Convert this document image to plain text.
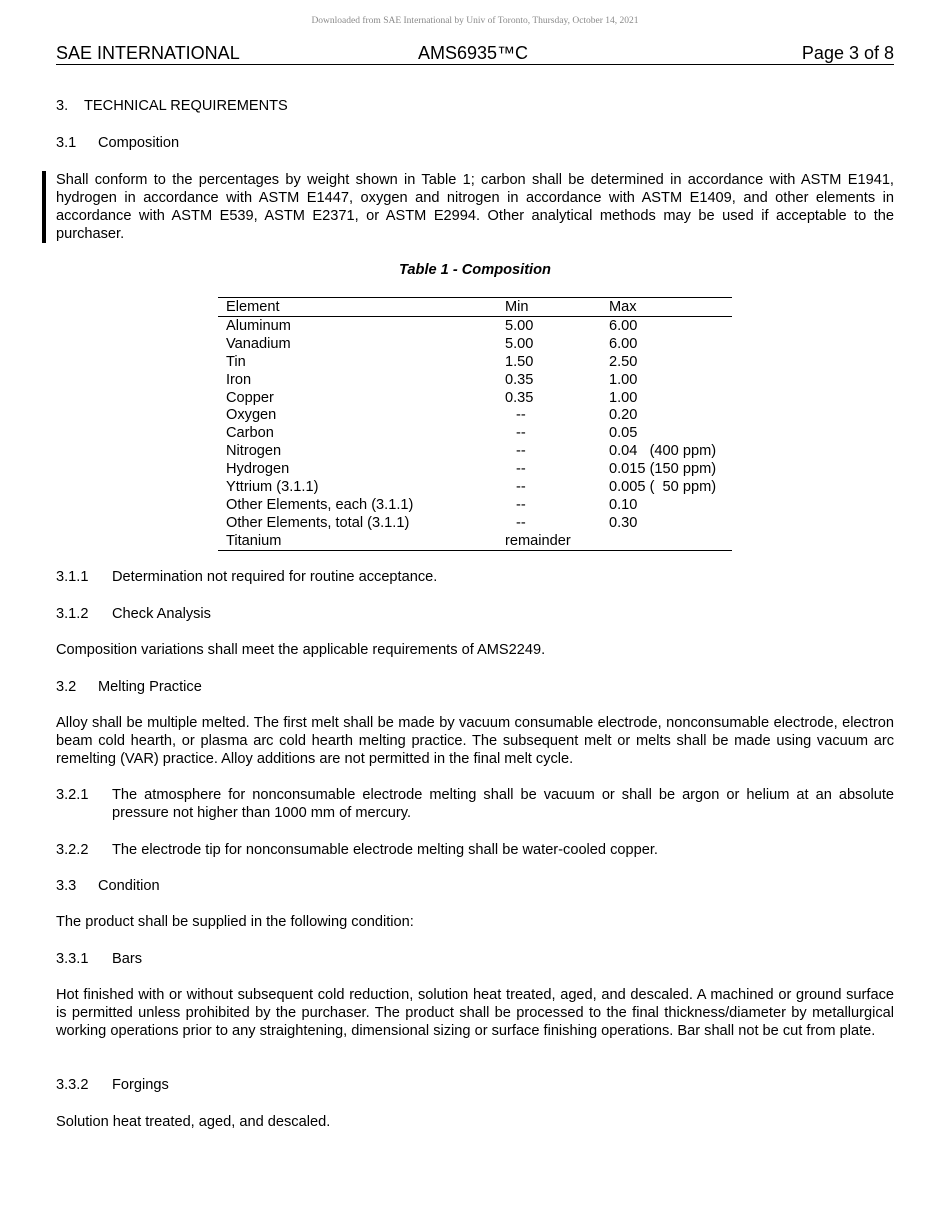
Downloaded from SAE International by Univ of Toronto, Thursday, October 14, 2021
SAE INTERNATIONAL	AMS6935™C	Page 3 of 8
3. TECHNICAL REQUIREMENTS
3.1 Composition
Shall conform to the percentages by weight shown in Table 1; carbon shall be determined in accordance with ASTM E1941, hydrogen in accordance with ASTM E1447, oxygen and nitrogen in accordance with ASTM E1409, and other elements in accordance with ASTM E539, ASTM E2371, or ASTM E2994. Other analytical methods may be used if acceptable to the purchaser.
Table 1 - Composition
Element	Min	Max
Aluminum	5.00	6.00
Vanadium	5.00	6.00
Tin	1.50	2.50
Iron	0.35	1.00
Copper	0.35	1.00
Oxygen	--	0.20
Carbon	--	0.05
Nitrogen	--	0.04   (400 ppm)
Hydrogen	--	0.015 (150 ppm)
Yttrium (3.1.1)	--	0.005 (  50 ppm)
Other Elements, each (3.1.1)	--	0.10
Other Elements, total (3.1.1)	--	0.30
Titanium	remainder
3.1.1 Determination not required for routine acceptance.
3.1.2 Check Analysis
Composition variations shall meet the applicable requirements of AMS2249.
3.2 Melting Practice
Alloy shall be multiple melted. The first melt shall be made by vacuum consumable electrode, nonconsumable electrode, electron beam cold hearth, or plasma arc cold hearth melting practice. The subsequent melt or melts shall be made using vacuum arc remelting (VAR) practice. Alloy additions are not permitted in the final melt cycle.
3.2.1 The atmosphere for nonconsumable electrode melting shall be vacuum or shall be argon or helium at an absolute pressure not higher than 1000 mm of mercury.
3.2.2 The electrode tip for nonconsumable electrode melting shall be water-cooled copper.
3.3 Condition
The product shall be supplied in the following condition:
3.3.1 Bars
Hot finished with or without subsequent cold reduction, solution heat treated, aged, and descaled. A machined or ground surface is permitted unless prohibited by the purchaser. The product shall be processed to the final thickness/diameter by metallurgical working operations prior to any straightening, dimensional sizing or surface finishing operations. Bar shall not be cut from plate.
3.3.2 Forgings
Solution heat treated, aged, and descaled.
